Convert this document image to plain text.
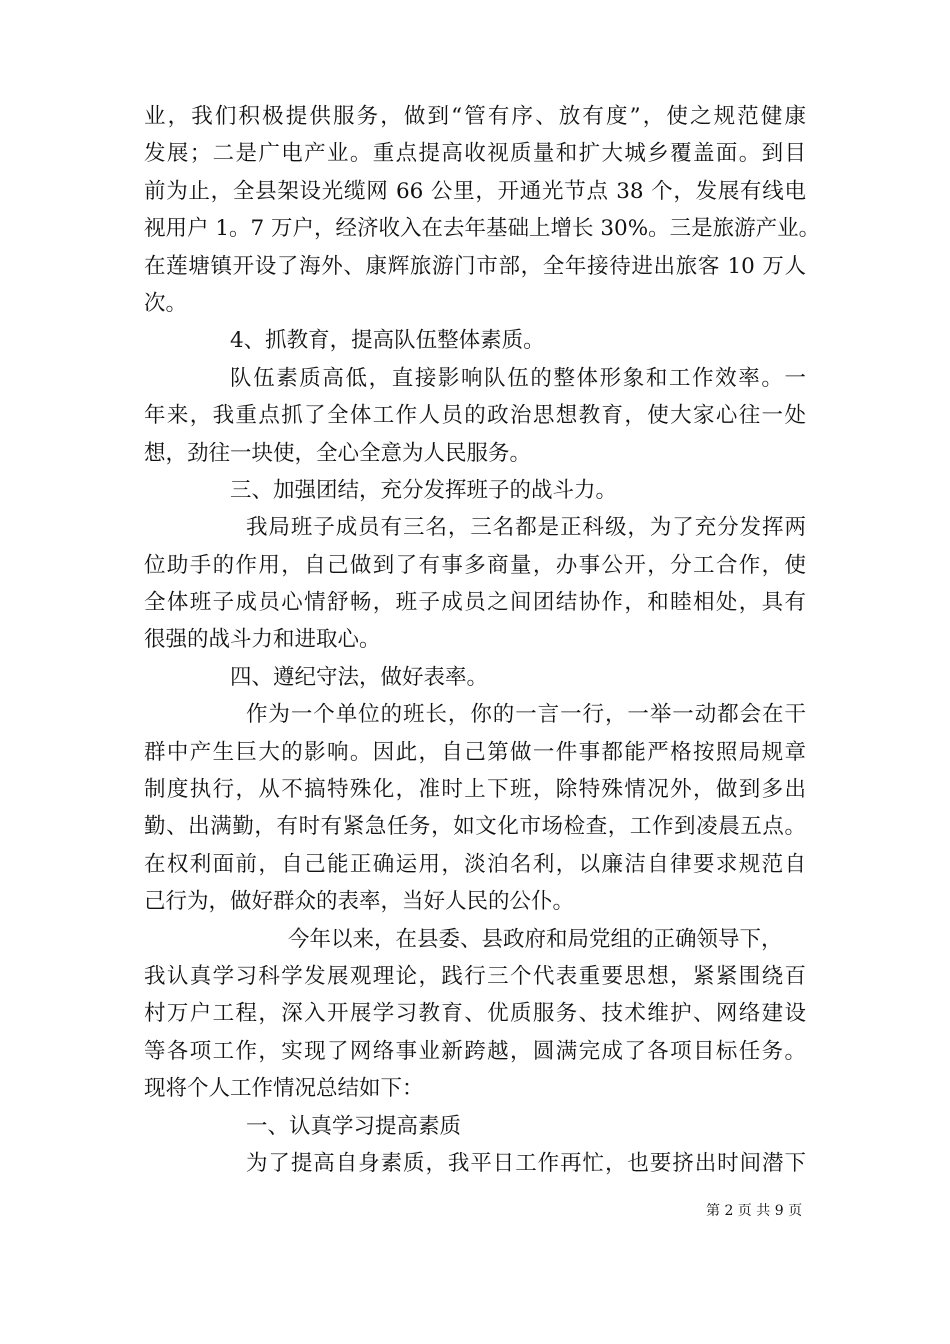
业，我们积极提供服务，做到“管有序、放有度”，使之规范健康
发展；二是广电产业。重点提高收视质量和扩大城乡覆盖面。到目
前为止，全县架设光缆网 66 公里，开通光节点 38 个，发展有线电
视用户 1。7 万户，经济收入在去年基础上增长 30%。三是旅游产业。
在莲塘镇开设了海外、康辉旅游门市部，全年接待进出旅客 10 万人
次。
4、抓教育，提高队伍整体素质。
队伍素质高低，直接影响队伍的整体形象和工作效率。一
年来，我重点抓了全体工作人员的政治思想教育，使大家心往一处
想，劲往一块使，全心全意为人民服务。
三、加强团结，充分发挥班子的战斗力。
我局班子成员有三名，三名都是正科级，为了充分发挥两
位助手的作用，自己做到了有事多商量，办事公开，分工合作，使
全体班子成员心情舒畅，班子成员之间团结协作，和睦相处，具有
很强的战斗力和进取心。
四、遵纪守法，做好表率。
作为一个单位的班长，你的一言一行，一举一动都会在干
群中产生巨大的影响。因此，自己第做一件事都能严格按照局规章
制度执行，从不搞特殊化，准时上下班，除特殊情况外，做到多出
勤、出满勤，有时有紧急任务，如文化市场检查，工作到凌晨五点。
在权利面前，自己能正确运用，淡泊名利，以廉洁自律要求规范自
己行为，做好群众的表率，当好人民的公仆。
今年以来，在县委、县政府和局党组的正确领导下，
我认真学习科学发展观理论，践行三个代表重要思想，紧紧围绕百
村万户工程，深入开展学习教育、优质服务、技术维护、网络建设
等各项工作，实现了网络事业新跨越，圆满完成了各项目标任务。
现将个人工作情况总结如下：
一、认真学习提高素质
为了提高自身素质，我平日工作再忙，也要挤出时间潜下
第 2 页 共 9 页
